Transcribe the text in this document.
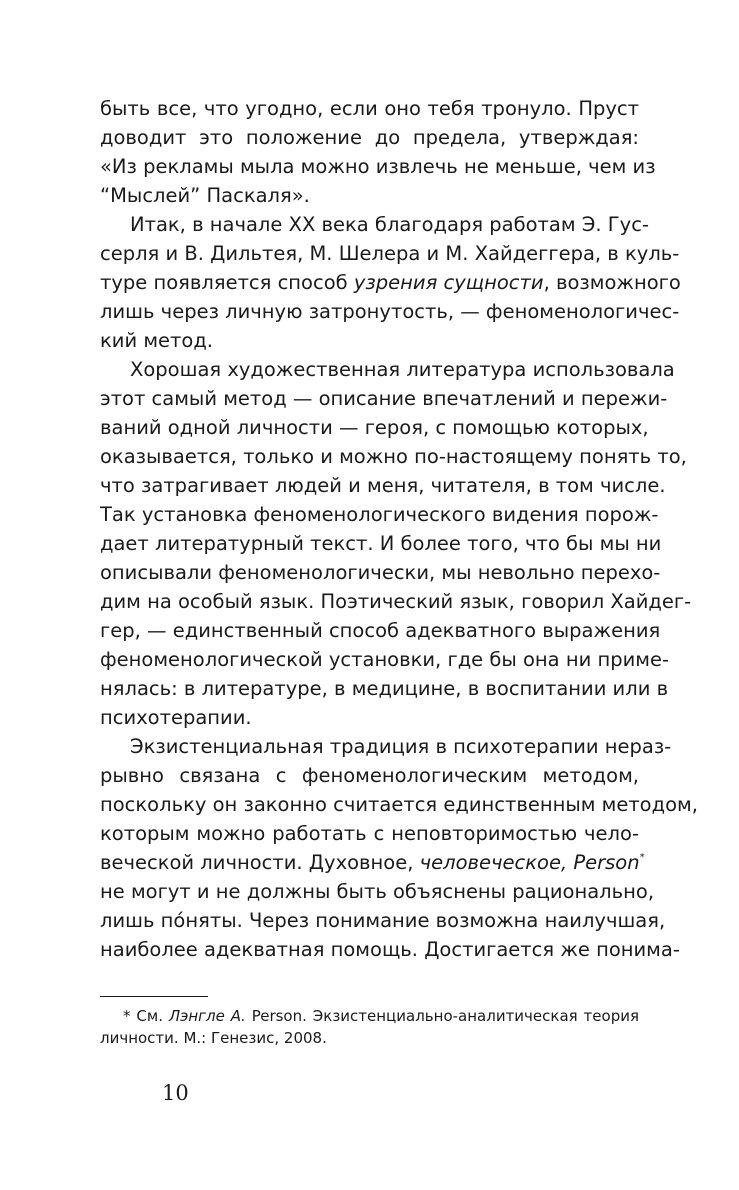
быть все, что угодно, если оно тебя тронуло. Пруст
доводит это положение до предела, утверждая:
«Из рекламы мыла можно извлечь не меньше, чем из
“Мыслей” Паскаля».
Итак, в начале XX века благодаря работам Э. Гус-
серля и В. Дильтея, М. Шелера и М. Хайдеггера, в куль-
туре появляется способ узрения сущности, возможного
лишь через личную затронутость, — феноменологичес-
кий метод.
Хорошая художественная литература использовала
этот самый метод — описание впечатлений и пережи-
ваний одной личности — героя, с помощью которых,
оказывается, только и можно по-настоящему понять то,
что затрагивает людей и меня, читателя, в том числе.
Так установка феноменологического видения порож-
дает литературный текст. И более того, что бы мы ни
описывали феноменологически, мы невольно перехо-
дим на особый язык. Поэтический язык, говорил Хайдег-
гер, — единственный способ адекватного выражения
феноменологической установки, где бы она ни приме-
нялась: в литературе, в медицине, в воспитании или в
психотерапии.
Экзистенциальная традиция в психотерапии нераз-
рывно связана с феноменологическим методом,
поскольку он законно считается единственным методом,
которым можно работать с неповторимостью чело-
веческой личности. Духовное, человеческое, Person*
не могут и не должны быть объяснены рационально,
лишь по́няты. Через понимание возможна наилучшая,
наиболее адекватная помощь. Достигается же понима-
* См. Лэнгле А. Person. Экзистенциально-аналитическая теория
личности. М.: Генезис, 2008.
10
